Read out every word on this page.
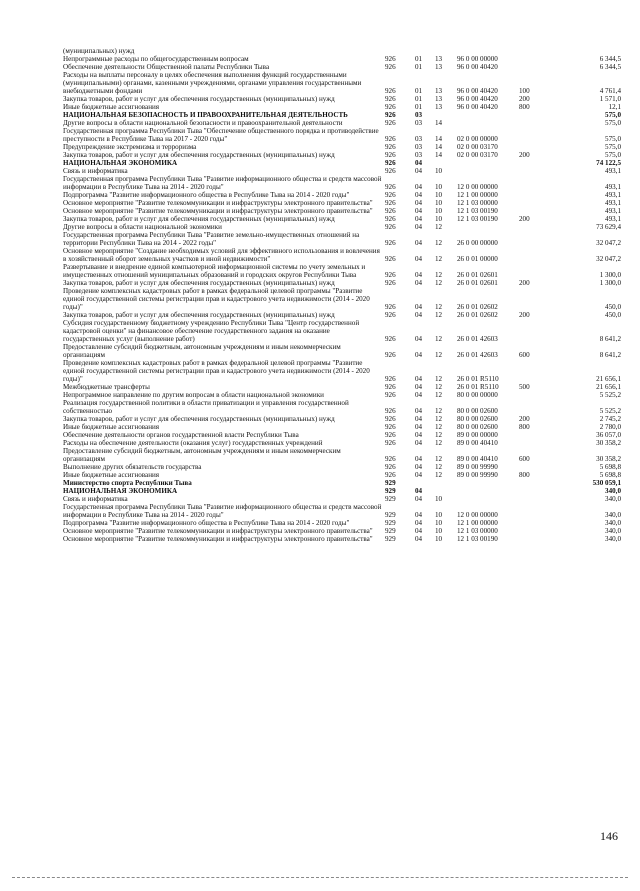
(муниципальных) нужд						
Непрограммные расходы по общегосударственным вопросам	926	01	13	96 0 00 00000		6 344,5
Обеспечение деятельности Общественной палаты Республики Тыва	926	01	13	96 0 00 40420		6 344,5
Расходы на выплаты персоналу в целях обеспечения выполнения функций государственными (муниципальными) органами, казенными учреждениями, органами управления государственными внебюджетными фондами	926	01	13	96 0 00 40420	100	4 761,4
Закупка товаров, работ и услуг для обеспечения государственных (муниципальных) нужд	926	01	13	96 0 00 40420	200	1 571,0
Иные бюджетные ассигнования	926	01	13	96 0 00 40420	800	12,1
НАЦИОНАЛЬНАЯ БЕЗОПАСНОСТЬ И ПРАВООХРАНИТЕЛЬНАЯ ДЕЯТЕЛЬНОСТЬ	926	03				575,0
Другие вопросы в области национальной безопасности и правоохранительной деятельности	926	03	14			575,0
Государственная программа Республики Тыва "Обеспечение общественного порядка и противодействие преступности в Республике Тыва на 2017 - 2020 годы"	926	03	14	02 0 00 00000		575,0
Предупреждение экстремизма и терроризма	926	03	14	02 0 00 03170		575,0
Закупка товаров, работ и услуг для обеспечения государственных (муниципальных) нужд	926	03	14	02 0 00 03170	200	575,0
НАЦИОНАЛЬНАЯ ЭКОНОМИКА	926	04				74 122,5
Связь и информатика	926	04	10			493,1
Государственная программа Республики Тыва "Развитие информационного общества и средств массовой информации в Республике Тыва на 2014 - 2020 годы"	926	04	10	12 0 00 00000		493,1
Подпрограмма "Развитие информационного общества в Республике Тыва на 2014 - 2020 годы"	926	04	10	12 1 00 00000		493,1
Основное мероприятие "Развитие телекоммуникации и инфраструктуры электронного правительства"	926	04	10	12 1 03 00000		493,1
Основное мероприятие "Развитие телекоммуникации и инфраструктуры электронного правительства"	926	04	10	12 1 03 00190		493,1
Закупка товаров, работ и услуг для обеспечения государственных (муниципальных) нужд	926	04	10	12 1 03 00190	200	493,1
Другие вопросы в области национальной экономики	926	04	12			73 629,4
Государственная программа Республики Тыва "Развитие земельно-имущественных отношений на территории Республики Тыва на 2014 - 2022 годы"	926	04	12	26 0 00 00000		32 047,2
Основное мероприятие "Создание необходимых условий для эффективного использования и вовлечения в хозяйственный оборот земельных участков и иной недвижимости"	926	04	12	26 0 01 00000		32 047,2
Развертывание и внедрение единой компьютерной информационной системы по учету земельных и имущественных отношений муниципальных образований и городских округов Республики Тыва	926	04	12	26 0 01 02601		1 300,0
Закупка товаров, работ и услуг для обеспечения государственных (муниципальных) нужд	926	04	12	26 0 01 02601	200	1 300,0
Проведение комплексных кадастровых работ в рамках федеральной целевой программы "Развитие единой государственной системы регистрации прав и кадастрового учета недвижимости (2014 - 2020 годы)"	926	04	12	26 0 01 02602		450,0
Закупка товаров, работ и услуг для обеспечения государственных (муниципальных) нужд	926	04	12	26 0 01 02602	200	450,0
Субсидия государственному бюджетному учреждению Республики Тыва "Центр государственной кадастровой оценки" на финансовое обеспечение государственного задания на оказание государственных услуг (выполнение работ)	926	04	12	26 0 01 42603		8 641,2
Предоставление субсидий бюджетным, автономным учреждениям и иным некоммерческим организациям	926	04	12	26 0 01 42603	600	8 641,2
Проведение комплексных кадастровых работ в рамках федеральной целевой программы "Развитие единой государственной системы регистрации прав и кадастрового учета недвижимости (2014 - 2020 годы)"	926	04	12	26 0 01 R5110		21 656,1
Межбюджетные трансферты	926	04	12	26 0 01 R5110	500	21 656,1
Непрограммное направление по другим вопросам в области национальной экономики	926	04	12	80 0 00 00000		5 525,2
Реализация государственной политики в области приватизации и управления государственной собственностью	926	04	12	80 0 00 02600		5 525,2
Закупка товаров, работ и услуг для обеспечения государственных (муниципальных) нужд	926	04	12	80 0 00 02600	200	2 745,2
Иные бюджетные ассигнования	926	04	12	80 0 00 02600	800	2 780,0
Обеспечение деятельности органов государственной власти Республики Тыва	926	04	12	89 0 00 00000		36 057,0
Расходы на обеспечение деятельности (оказания услуг) государственных учреждений	926	04	12	89 0 00 40410		30 358,2
Предоставление субсидий бюджетным, автономным учреждениям и иным некоммерческим организациям	926	04	12	89 0 00 40410	600	30 358,2
Выполнение других обязательств государства	926	04	12	89 0 00 99990		5 698,8
Иные бюджетные ассигнования	926	04	12	89 0 00 99990	800	5 698,8
Министерство спорта Республики Тыва	929					530 059,1
НАЦИОНАЛЬНАЯ ЭКОНОМИКА	929	04				340,0
Связь и информатика	929	04	10			340,0
Государственная программа Республики Тыва "Развитие информационного общества и средств массовой информации в Республике Тыва на 2014 - 2020 годы"	929	04	10	12 0 00 00000		340,0
Подпрограмма "Развитие информационного общества в Республике Тыва на 2014 - 2020 годы"	929	04	10	12 1 00 00000		340,0
Основное мероприятие "Развитие телекоммуникации и инфраструктуры электронного правительства"	929	04	10	12 1 03 00000		340,0
Основное мероприятие "Развитие телекоммуникации и инфраструктуры электронного правительства"	929	04	10	12 1 03 00190		340,0
146
